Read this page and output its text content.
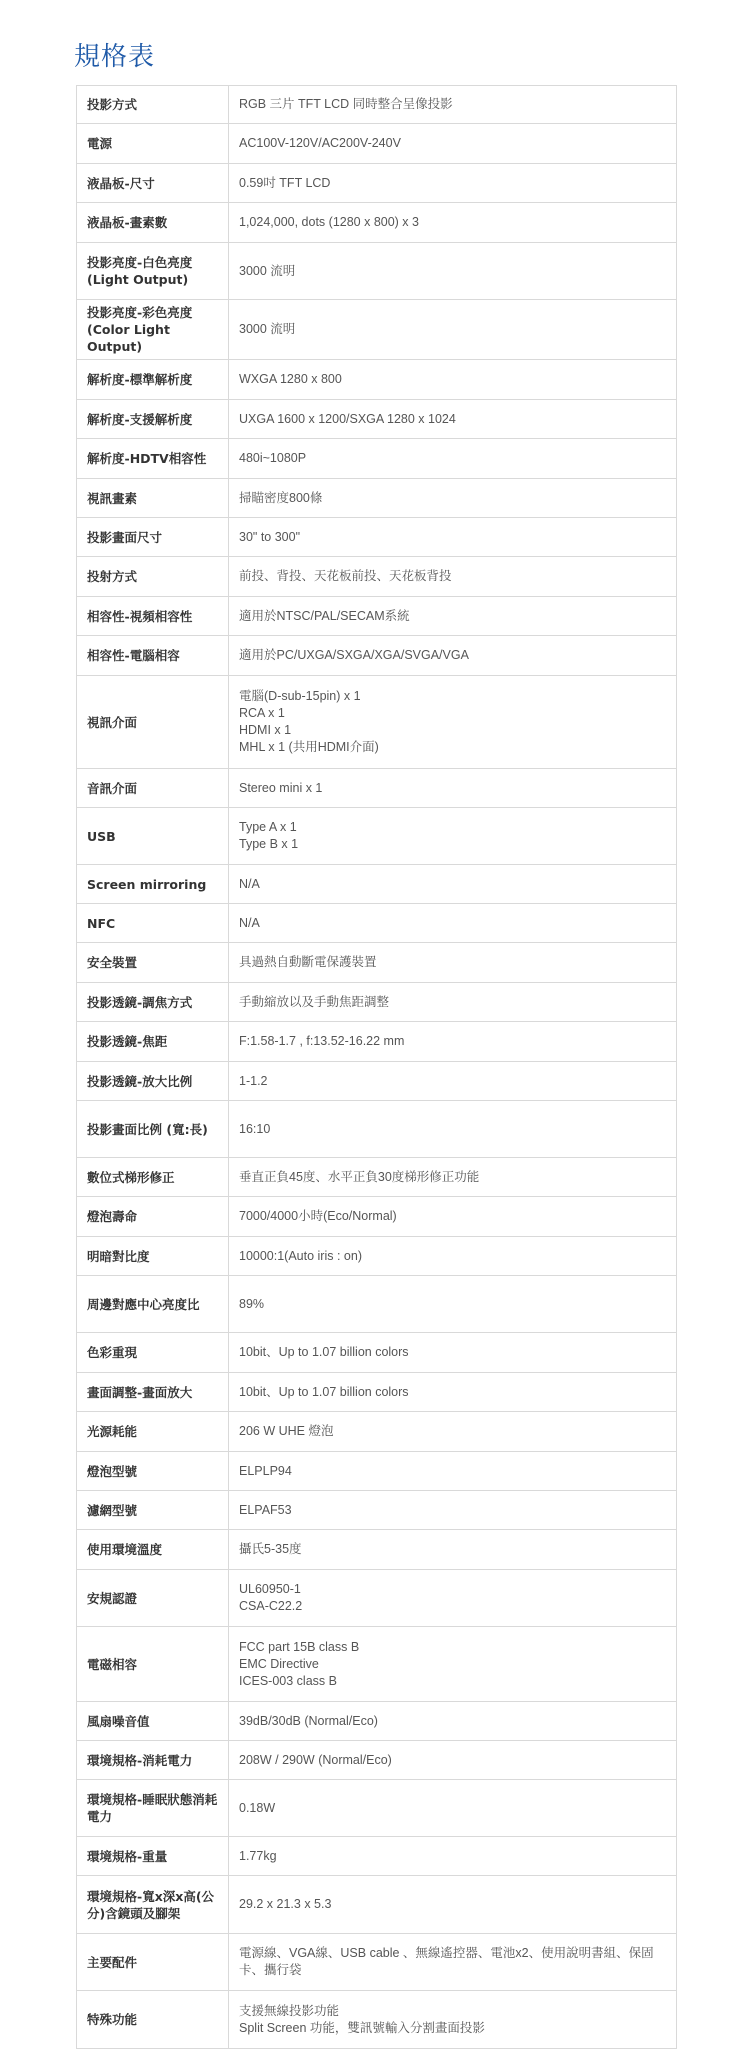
規格表
投影方式	RGB 三片 TFT LCD 同時整合呈像投影

電源	AC100V-120V/AC200V-240V

液晶板-尺寸	0.59吋 TFT LCD

液晶板-畫素數	1,024,000, dots (1280 x 800) x 3

投影亮度-白色亮度 (Light Output)	3000 流明

投影亮度-彩色亮度 (Color Light Output)	3000 流明

解析度-標準解析度	WXGA 1280 x 800

解析度-支援解析度	UXGA 1600 x 1200/SXGA 1280 x 1024

解析度-HDTV相容性	480i~1080P

視訊畫素	掃瞄密度800條

投影畫面尺寸	30" to 300"

投射方式	前投、背投、天花板前投、天花板背投

相容性-視頻相容性	適用於NTSC/PAL/SECAM系統

相容性-電腦相容	適用於PC/UXGA/SXGA/XGA/SVGA/VGA

視訊介面	電腦(D-sub-15pin) x 1
RCA x 1
HDMI x 1
MHL x 1 (共用HDMI介面)

音訊介面	Stereo mini x 1

USB	Type A x 1
Type B x 1

Screen mirroring	N/A

NFC	N/A

安全裝置	具過熱自動斷電保護裝置

投影透鏡-調焦方式	手動縮放以及手動焦距調整

投影透鏡-焦距	F:1.58-1.7 , f:13.52-16.22 mm

投影透鏡-放大比例	1-1.2

投影畫面比例 (寬:長)	16:10

數位式梯形修正	垂直正負45度、水平正負30度梯形修正功能

燈泡壽命	7000/4000小時(Eco/Normal)

明暗對比度	10000:1(Auto iris : on)

周邊對應中心亮度比	89%

色彩重現	10bit、Up to 1.07 billion colors

畫面調整-畫面放大	10bit、Up to 1.07 billion colors

光源耗能	206 W UHE 燈泡

燈泡型號	ELPLP94

濾網型號	ELPAF53

使用環境溫度	攝氏5-35度

安規認證	UL60950-1
CSA-C22.2

電磁相容	FCC part 15B class B
EMC Directive
ICES-003 class B

風扇噪音值	39dB/30dB (Normal/Eco)

環境規格-消耗電力	208W / 290W (Normal/Eco)

環境規格-睡眠狀態消耗電力	0.18W

環境規格-重量	1.77kg

環境規格-寬x深x高(公分)含鏡頭及腳架	29.2 x 21.3 x 5.3

主要配件	電源線、VGA線、USB cable 、無線遙控器、電池x2、使用說明書組、保固卡、攜行袋

特殊功能	支援無線投影功能
Split Screen 功能，雙訊號輸入分割畫面投影
